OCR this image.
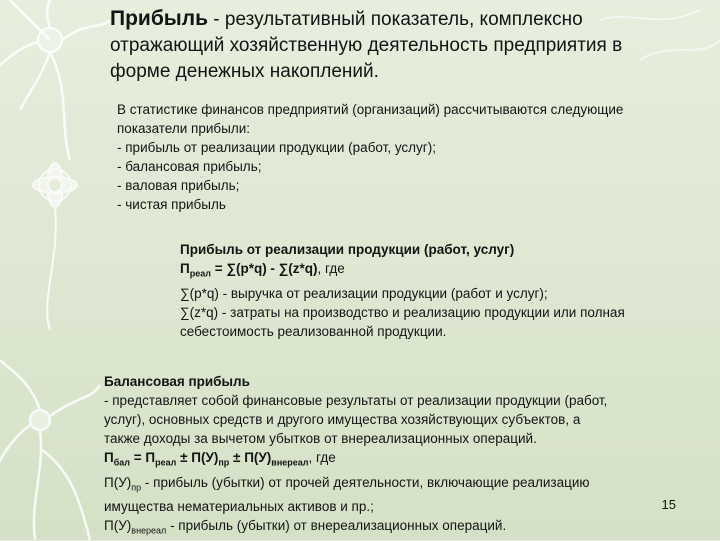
Прибыль - результативный показатель, комплексно

отражающий хозяйственную деятельность предприятия в

форме денежных накоплений.

В статистике финансов предприятий (организаций) рассчитываются следующие

показатели прибыли:

- прибыль от реализации продукции (работ, услуг);

- балансовая прибыль;

- валовая прибыль;

- чистая прибыль

Прибыль от реализации продукции (работ, услуг)

$П_{реал} = \sum(p*q) - \sum(z*q)$, где

∑(p*q) - выручка от реализации продукции (работ и услуг);

∑(z*q) - затраты на производство и реализацию продукции или полная

себестоимость реализованной продукции.

Балансовая прибыль

- представляет собой финансовые результаты от реализации продукции (работ,

услуг), основных средств и другого имущества хозяйствующих субъектов, а

также доходы за вычетом убытков от внереализационных операций.

$П_{бал} = П_{реал} \pm П(У)_{пр} \pm П(У)_{внереал}$, где

$П(У)_{пр}$ - прибыль (убытки) от прочей деятельности, включающие реализацию

имущества нематериальных активов и пр.;

$П(У)_{внереал}$ - прибыль (убытки) от внереализационных операций.

15
